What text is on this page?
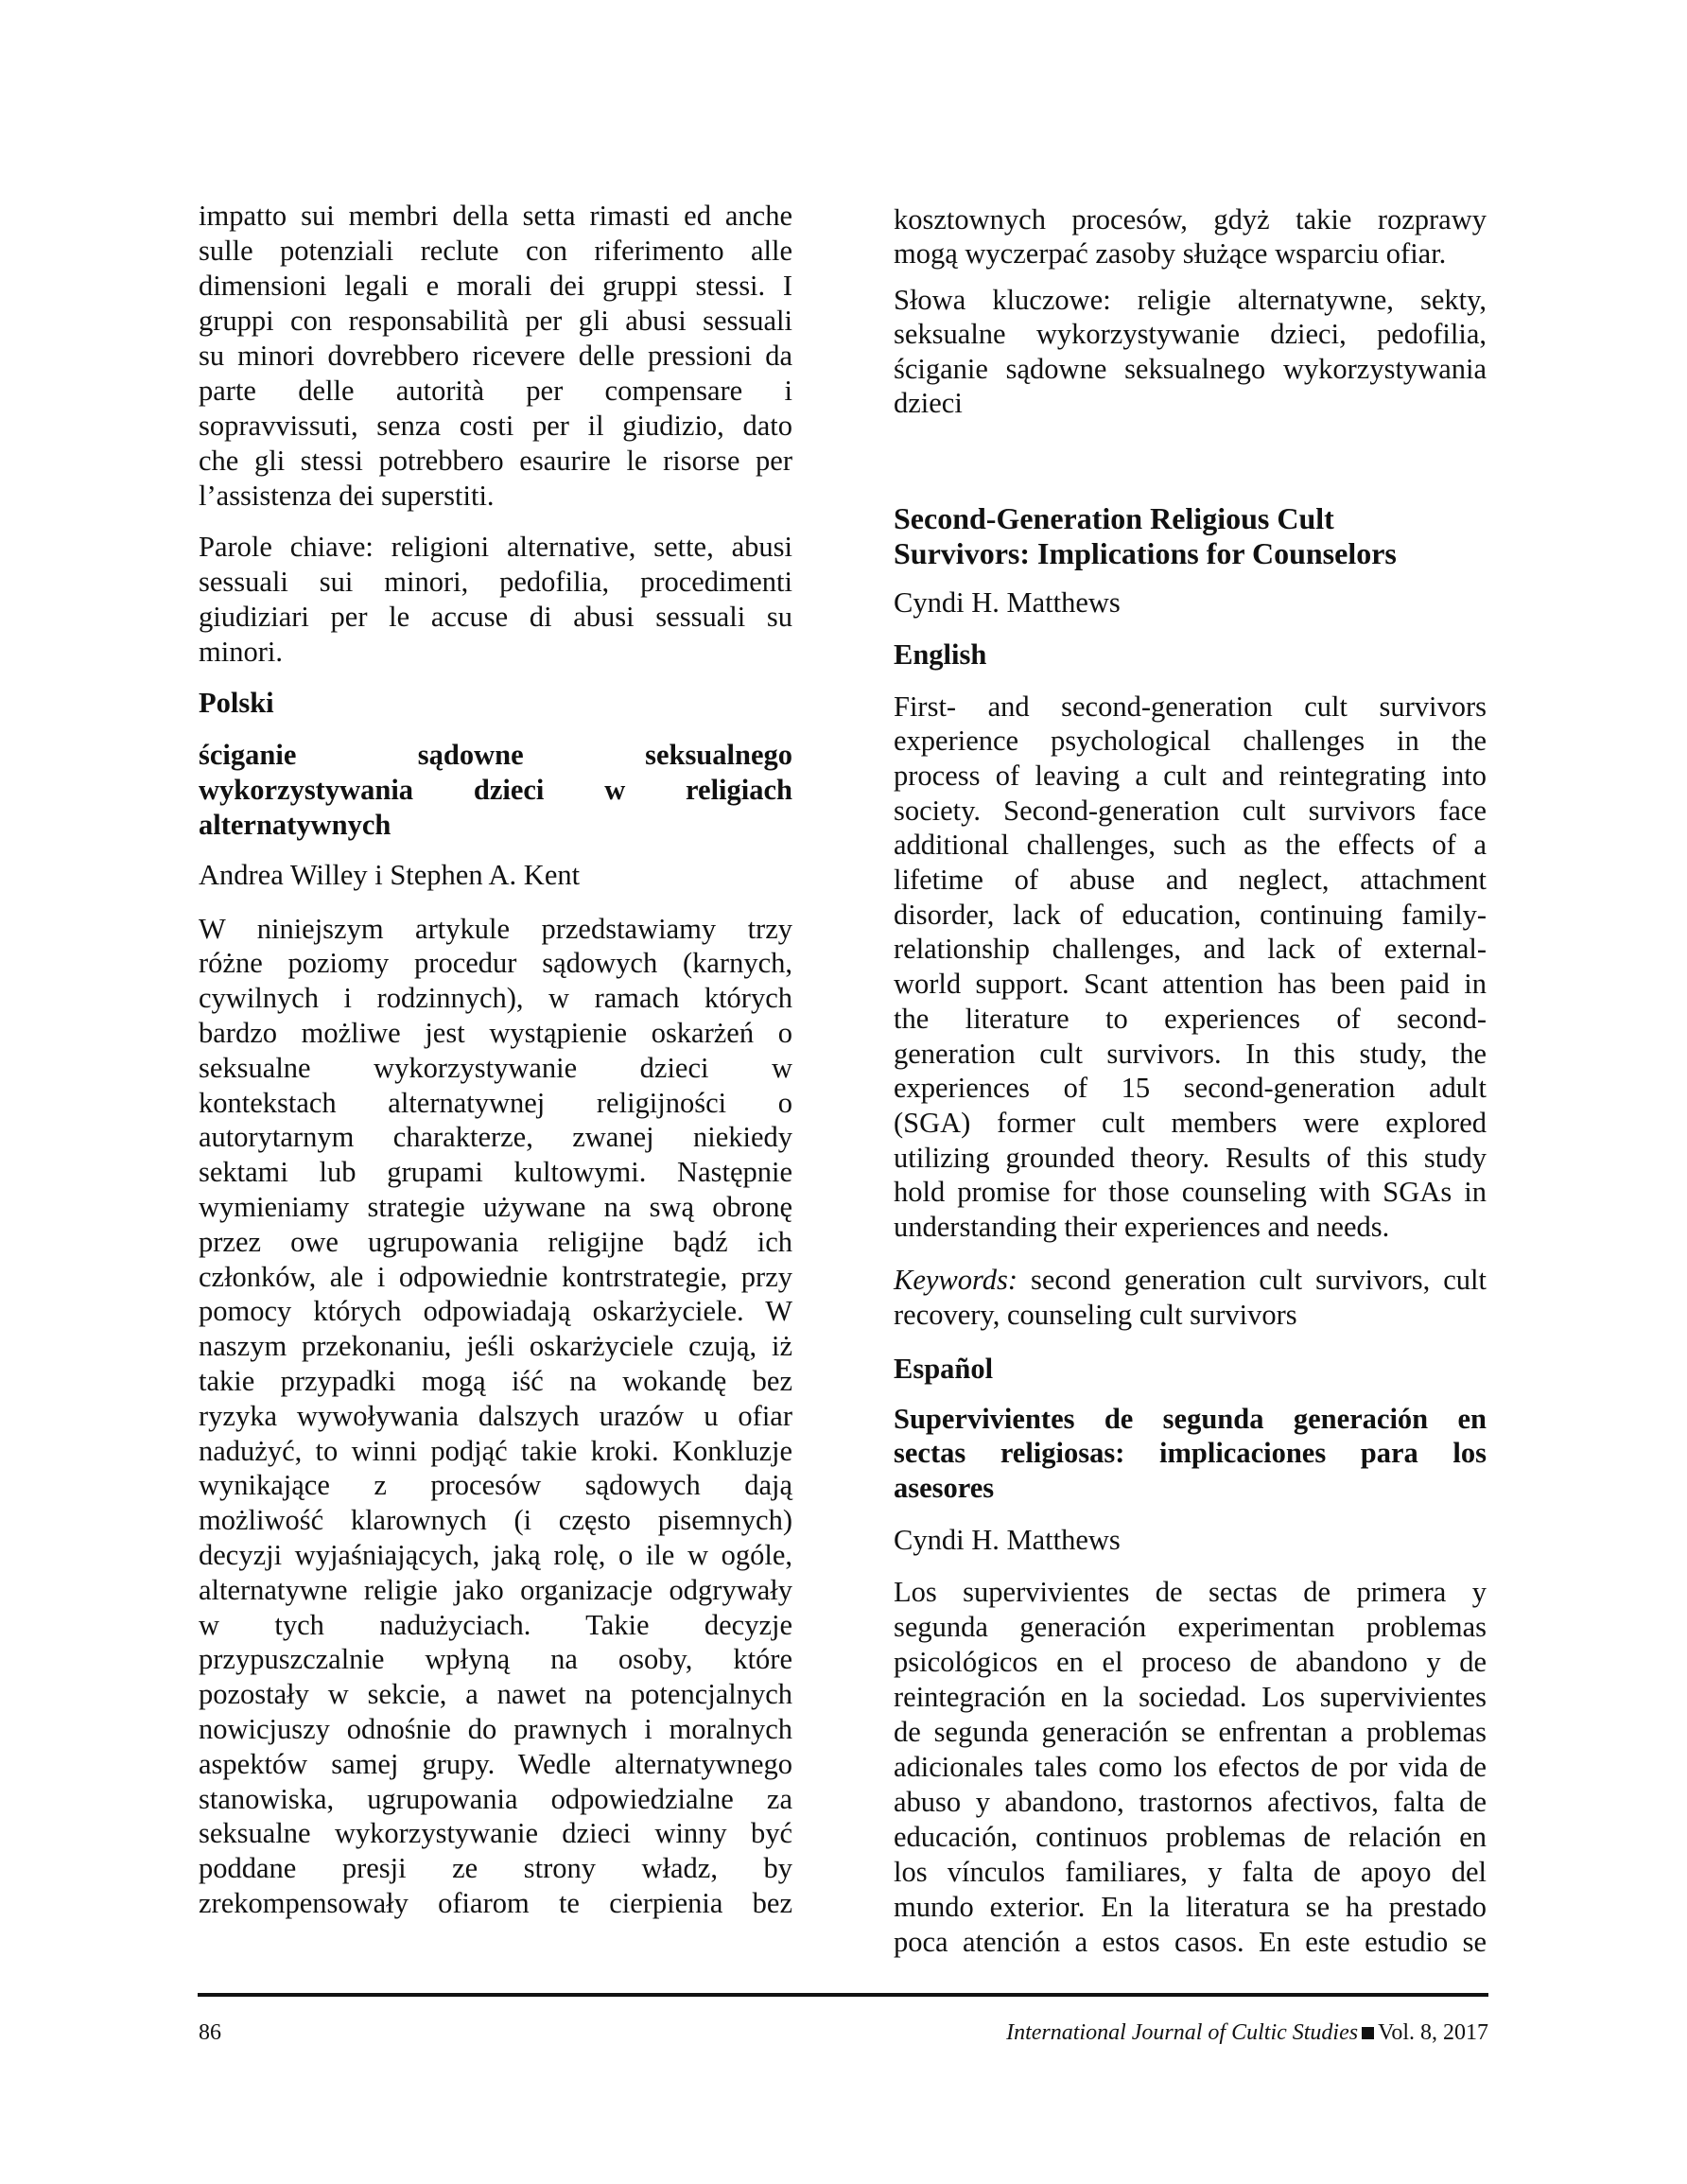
impatto sui membri della setta rimasti ed anche
sulle potenziali reclute con riferimento alle
dimensioni legali e morali dei gruppi stessi. I
gruppi con responsabilità per gli abusi sessuali
su minori dovrebbero ricevere delle pressioni da
parte delle autorità per compensare i
sopravvissuti, senza costi per il giudizio, dato
che gli stessi potrebbero esaurire le risorse per
l’assistenza dei superstiti.
Parole chiave: religioni alternative, sette, abusi
sessuali sui minori, pedofilia, procedimenti
giudiziari per le accuse di abusi sessuali su
minori.
Polski
ściganie sądowne seksualnego
wykorzystywania dzieci w religiach
alternatywnych
Andrea Willey i Stephen A. Kent
W niniejszym artykule przedstawiamy trzy
różne poziomy procedur sądowych (karnych,
cywilnych i rodzinnych), w ramach których
bardzo możliwe jest wystąpienie oskarżeń o
seksualne wykorzystywanie dzieci w
kontekstach alternatywnej religijności o
autorytarnym charakterze, zwanej niekiedy
sektami lub grupami kultowymi. Następnie
wymieniamy strategie używane na swą obronę
przez owe ugrupowania religijne bądź ich
członków, ale i odpowiednie kontrstrategie, przy
pomocy których odpowiadają oskarżyciele. W
naszym przekonaniu, jeśli oskarżyciele czują, iż
takie przypadki mogą iść na wokandę bez
ryzyka wywoływania dalszych urazów u ofiar
nadużyć, to winni podjąć takie kroki. Konkluzje
wynikające z procesów sądowych dają
możliwość klarownych (i często pisemnych)
decyzji wyjaśniających, jaką rolę, o ile w ogóle,
alternatywne religie jako organizacje odgrywały
w tych nadużyciach. Takie decyzje
przypuszczalnie wpłyną na osoby, które
pozostały w sekcie, a nawet na potencjalnych
nowicjuszy odnośnie do prawnych i moralnych
aspektów samej grupy. Wedle alternatywnego
stanowiska, ugrupowania odpowiedzialne za
seksualne wykorzystywanie dzieci winny być
poddane presji ze strony władz, by
zrekompensowały ofiarom te cierpienia bez
kosztownych procesów, gdyż takie rozprawy
mogą wyczerpać zasoby służące wsparciu ofiar.
Słowa kluczowe: religie alternatywne, sekty,
seksualne wykorzystywanie dzieci, pedofilia,
ściganie sądowne seksualnego wykorzystywania
dzieci
Second-Generation Religious Cult
Survivors: Implications for Counselors
Cyndi H. Matthews
English
First- and second-generation cult survivors
experience psychological challenges in the
process of leaving a cult and reintegrating into
society. Second-generation cult survivors face
additional challenges, such as the effects of a
lifetime of abuse and neglect, attachment
disorder, lack of education, continuing family-
relationship challenges, and lack of external-
world support. Scant attention has been paid in
the literature to experiences of second-
generation cult survivors. In this study, the
experiences of 15 second-generation adult
(SGA) former cult members were explored
utilizing grounded theory. Results of this study
hold promise for those counseling with SGAs in
understanding their experiences and needs.
Keywords: second generation cult survivors, cult
recovery, counseling cult survivors
Español
Supervivientes de segunda generación en
sectas religiosas: implicaciones para los
asesores
Cyndi H. Matthews
Los supervivientes de sectas de primera y
segunda generación experimentan problemas
psicológicos en el proceso de abandono y de
reintegración en la sociedad. Los supervivientes
de segunda generación se enfrentan a problemas
adicionales tales como los efectos de por vida de
abuso y abandono, trastornos afectivos, falta de
educación, continuos problemas de relación en
los vínculos familiares, y falta de apoyo del
mundo exterior. En la literatura se ha prestado
poca atención a estos casos. En este estudio se
86	International Journal of Cultic Studies Vol. 8, 2017
